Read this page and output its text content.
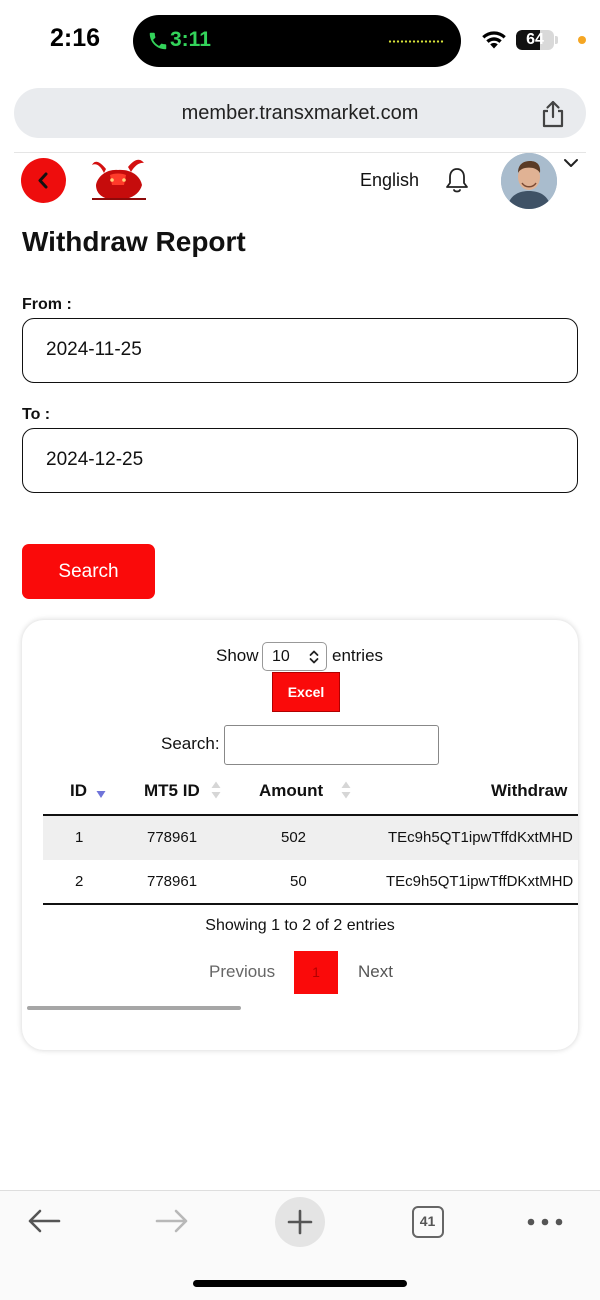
2:16	3:11	64
member.transxmarket.com
English
Withdraw Report
From :
2024-11-25
To :
2024-12-25
Search
Show 10 entries
Excel
Search:
ID	MT5 ID	Amount	Withdraw
1	778961	502	TEc9h5QT1ipwTffdKxtMHD
2	778961	50	TEc9h5QT1ipwTffDKxtMHD
Showing 1 to 2 of 2 entries
Previous	1	Next
41
